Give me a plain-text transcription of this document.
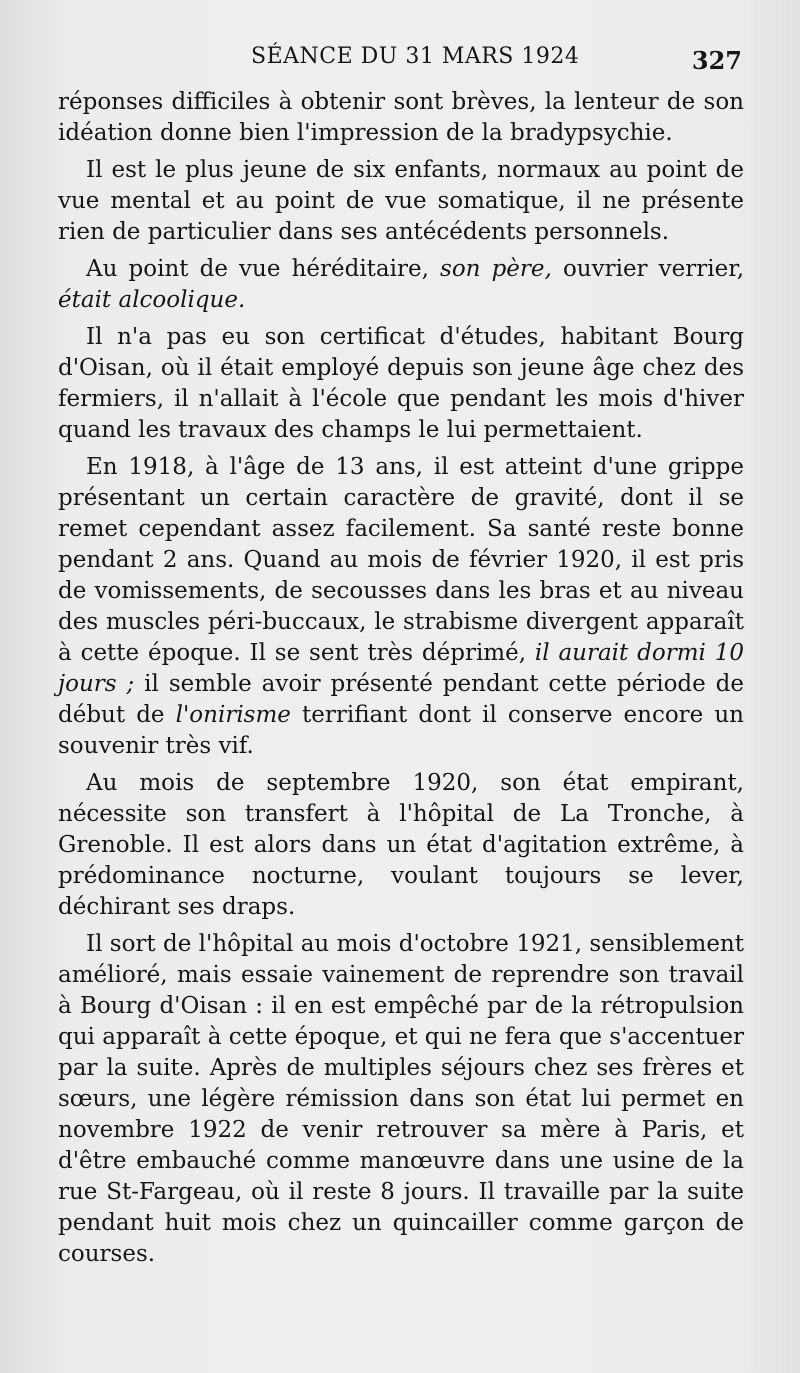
SÉANCE DU 31 MARS 1924	327

réponses difficiles à obtenir sont brèves, la lenteur de son idéation donne bien l'impression de la bradypsychie.

Il est le plus jeune de six enfants, normaux au point de vue mental et au point de vue somatique, il ne présente rien de particulier dans ses antécédents personnels.

Au point de vue héréditaire, son père, ouvrier verrier, était alcoolique.

Il n'a pas eu son certificat d'études, habitant Bourg d'Oisan, où il était employé depuis son jeune âge chez des fermiers, il n'allait à l'école que pendant les mois d'hiver quand les travaux des champs le lui permettaient.

En 1918, à l'âge de 13 ans, il est atteint d'une grippe présentant un certain caractère de gravité, dont il se remet cependant assez facilement. Sa santé reste bonne pendant 2 ans. Quand au mois de février 1920, il est pris de vomissements, de secousses dans les bras et au niveau des muscles péri-buccaux, le strabisme divergent apparaît à cette époque. Il se sent très déprimé, il aurait dormi 10 jours ; il semble avoir présenté pendant cette période de début de l'onirisme terrifiant dont il conserve encore un souvenir très vif.

Au mois de septembre 1920, son état empirant, nécessite son transfert à l'hôpital de La Tronche, à Grenoble. Il est alors dans un état d'agitation extrême, à prédominance nocturne, voulant toujours se lever, déchirant ses draps.

Il sort de l'hôpital au mois d'octobre 1921, sensiblement amélioré, mais essaie vainement de reprendre son travail à Bourg d'Oisan : il en est empêché par de la rétropulsion qui apparaît à cette époque, et qui ne fera que s'accentuer par la suite. Après de multiples séjours chez ses frères et sœurs, une légère rémission dans son état lui permet en novembre 1922 de venir retrouver sa mère à Paris, et d'être embauché comme manœuvre dans une usine de la rue St-Fargeau, où il reste 8 jours. Il travaille par la suite pendant huit mois chez un quincailler comme garçon de courses.
